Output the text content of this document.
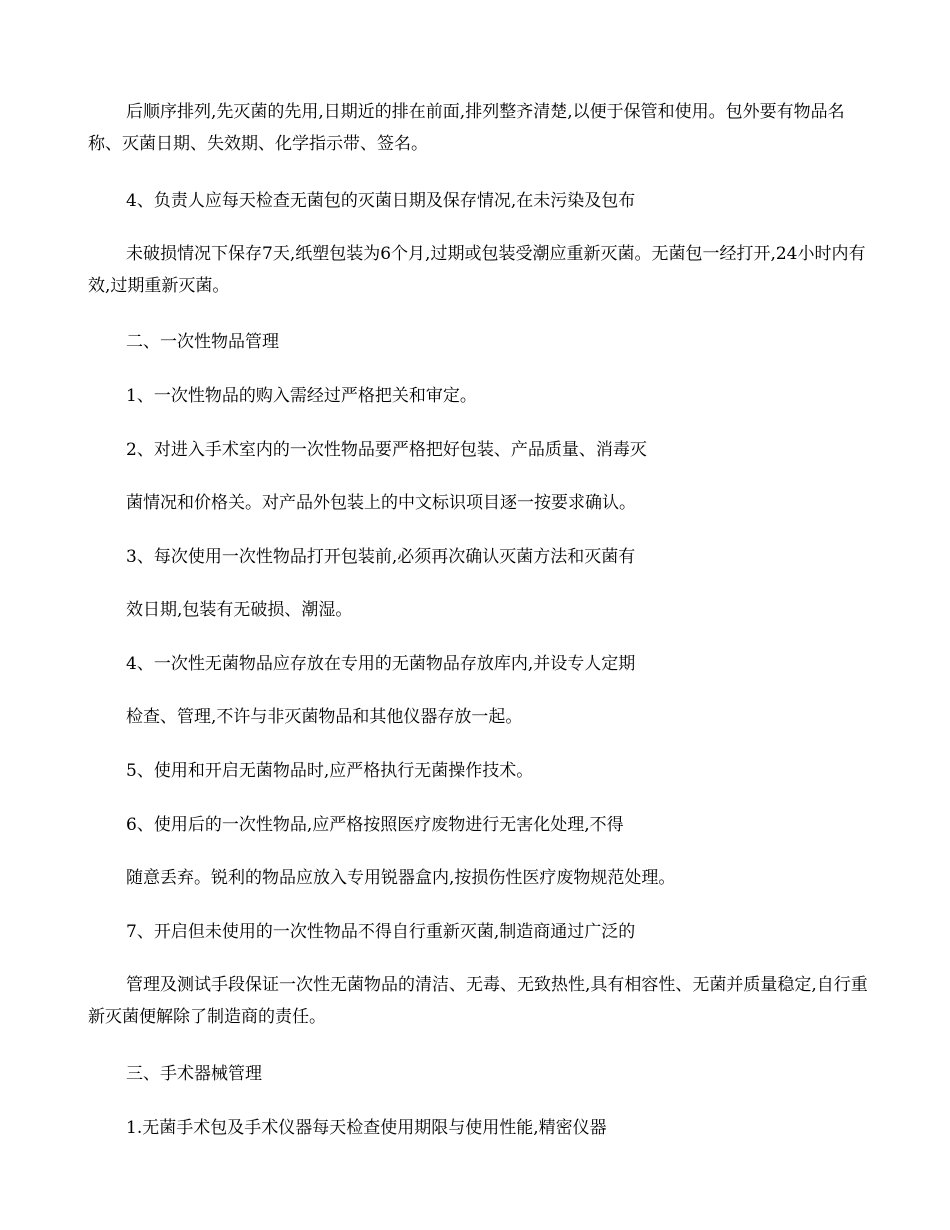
后顺序排列,先灭菌的先用,日期近的排在前面,排列整齐清楚,以便于保管和使用。包外要有物品名称、灭菌日期、失效期、化学指示带、签名。

4、负责人应每天检查无菌包的灭菌日期及保存情况,在未污染及包布

未破损情况下保存7天,纸塑包装为6个月,过期或包装受潮应重新灭菌。无菌包一经打开,24小时内有效,过期重新灭菌。

二、一次性物品管理

1、一次性物品的购入需经过严格把关和审定。

2、对进入手术室内的一次性物品要严格把好包装、产品质量、消毒灭

菌情况和价格关。对产品外包装上的中文标识项目逐一按要求确认。

3、每次使用一次性物品打开包装前,必须再次确认灭菌方法和灭菌有

效日期,包装有无破损、潮湿。

4、一次性无菌物品应存放在专用的无菌物品存放库内,并设专人定期

检查、管理,不许与非灭菌物品和其他仪器存放一起。

5、使用和开启无菌物品时,应严格执行无菌操作技术。

6、使用后的一次性物品,应严格按照医疗废物进行无害化处理,不得

随意丢弃。锐利的物品应放入专用锐器盒内,按损伤性医疗废物规范处理。

7、开启但未使用的一次性物品不得自行重新灭菌,制造商通过广泛的

管理及测试手段保证一次性无菌物品的清洁、无毒、无致热性,具有相容性、无菌并质量稳定,自行重新灭菌便解除了制造商的责任。

三、手术器械管理

1.无菌手术包及手术仪器每天检查使用期限与使用性能,精密仪器
